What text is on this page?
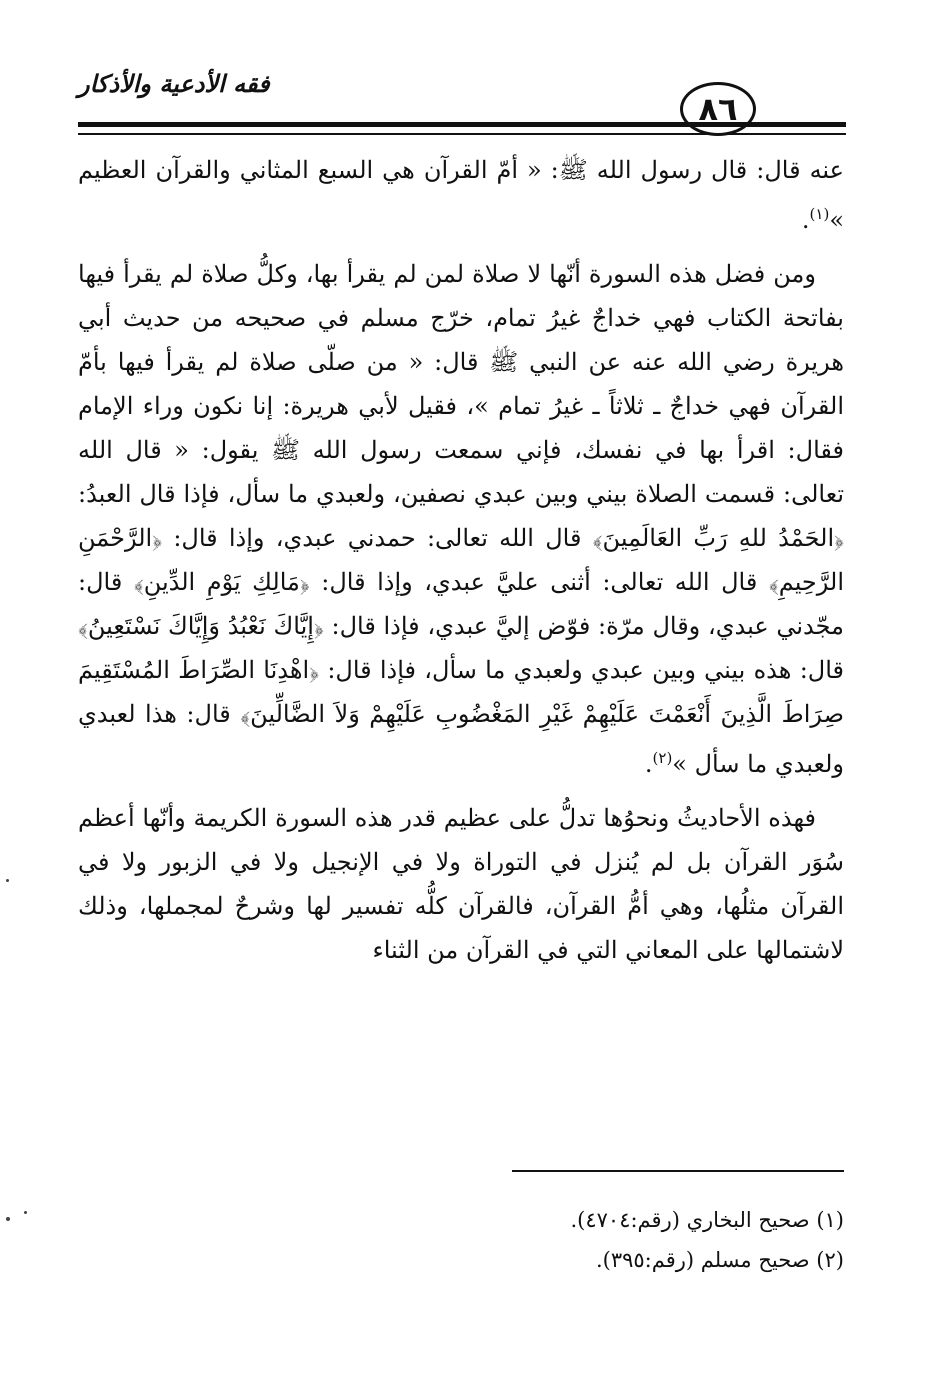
فقه الأدعية والأذكار
٨٦

عنه قال: قال رسول الله ﷺ: « أمّ القرآن هي السبع المثاني والقرآن العظيم »$^{(١)}$.

ومن فضل هذه السورة أنّها لا صلاة لمن لم يقرأ بها، وكلُّ صلاة لم يقرأ فيها بفاتحة الكتاب فهي خداجٌ غيرُ تمام، خرّج مسلم في صحيحه من حديث أبي هريرة رضي الله عنه عن النبي ﷺ قال: « من صلّى صلاة لم يقرأ فيها بأمّ القرآن فهي خداجٌ ـ ثلاثاً ـ غيرُ تمام »، فقيل لأبي هريرة: إنا نكون وراء الإمام فقال: اقرأ بها في نفسك، فإني سمعت رسول الله ﷺ يقول: « قال الله تعالى: قسمت الصلاة بيني وبين عبدي نصفين، ولعبدي ما سأل، فإذا قال العبدُ: ﴿الحَمْدُ للهِ رَبِّ العَالَمِينَ﴾ قال الله تعالى: حمدني عبدي، وإذا قال: ﴿الرَّحْمَنِ الرَّحِيمِ﴾ قال الله تعالى: أثنى عليَّ عبدي، وإذا قال: ﴿مَالِكِ يَوْمِ الدِّينِ﴾ قال: مجّدني عبدي، وقال مرّة: فوّض إليَّ عبدي، فإذا قال: ﴿إِيَّاكَ نَعْبُدُ وَإِيَّاكَ نَسْتَعِينُ﴾ قال: هذه بيني وبين عبدي ولعبدي ما سأل، فإذا قال: ﴿اهْدِنَا الصِّرَاطَ المُسْتَقِيمَ صِرَاطَ الَّذِينَ أَنْعَمْتَ عَلَيْهِمْ غَيْرِ المَغْضُوبِ عَلَيْهِمْ وَلاَ الضَّالِّينَ﴾ قال: هذا لعبدي ولعبدي ما سأل »$^{(٢)}$.

فهذه الأحاديثُ ونحوُها تدلُّ على عظيم قدر هذه السورة الكريمة وأنّها أعظم سُوَر القرآن بل لم يُنزل في التوراة ولا في الإنجيل ولا في الزبور ولا في القرآن مثلُها، وهي أمُّ القرآن، فالقرآن كلُّه تفسير لها وشرحٌ لمجملها، وذلك لاشتمالها على المعاني التي في القرآن من الثناء

(١) صحيح البخاري (رقم:٤٧٠٤).
(٢) صحيح مسلم (رقم:٣٩٥).
